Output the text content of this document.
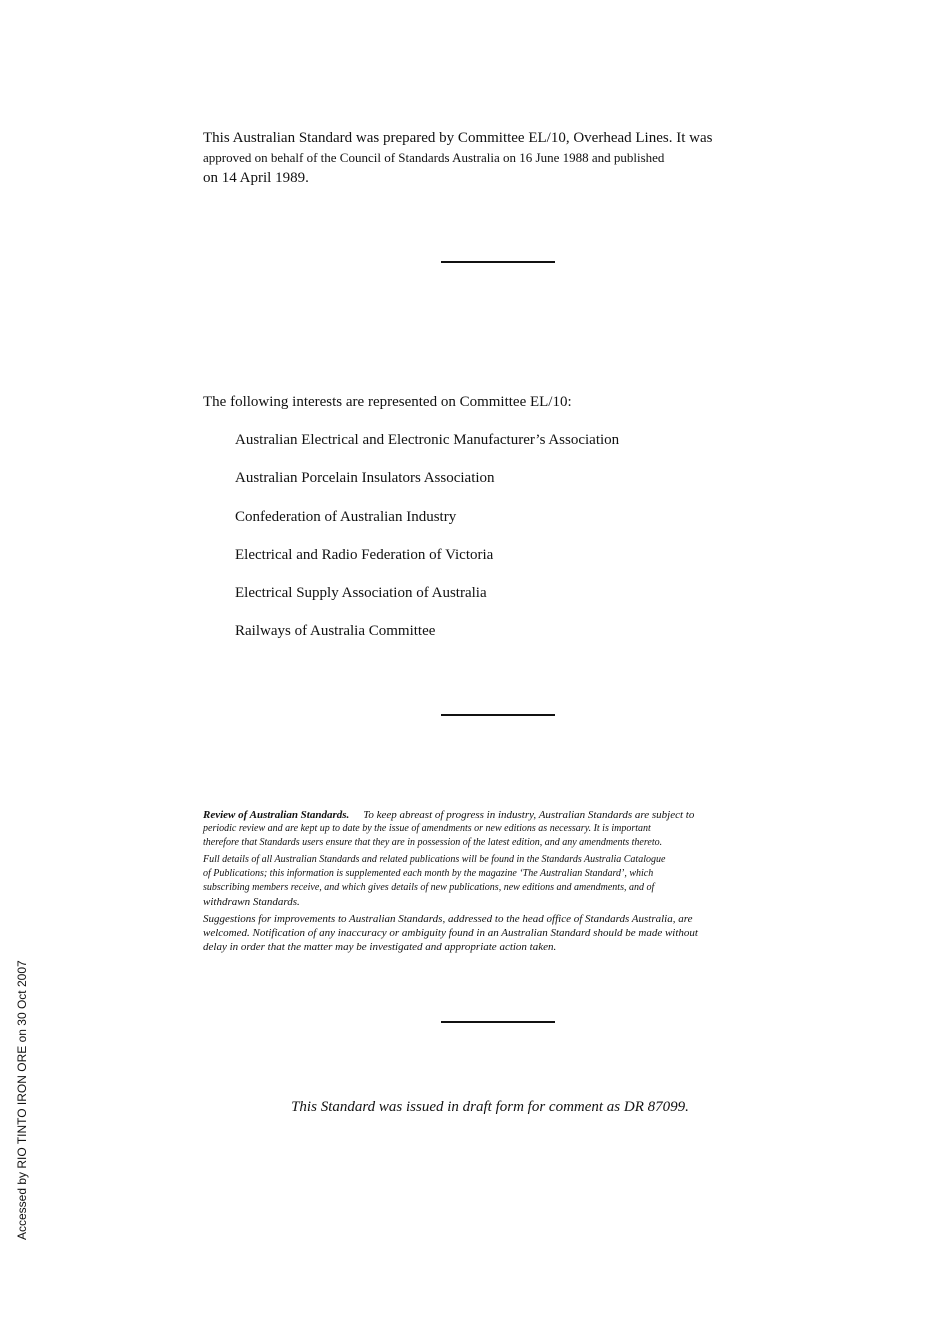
This Australian Standard was prepared by Committee EL/10, Overhead Lines. It was

approved on behalf of the Council of Standards Australia on 16 June 1988 and published

on 14 April 1989.

The following interests are represented on Committee EL/10:

Australian Electrical and Electronic Manufacturer’s Association

Australian Porcelain Insulators Association

Confederation of Australian Industry

Electrical and Radio Federation of Victoria

Electrical Supply Association of Australia

Railways of Australia Committee

Review of Australian Standards. To keep abreast of progress in industry, Australian Standards are subject to

periodic review and are kept up to date by the issue of amendments or new editions as necessary. It is important

therefore that Standards users ensure that they are in possession of the latest edition, and any amendments thereto.

Full details of all Australian Standards and related publications will be found in the Standards Australia Catalogue

of Publications; this information is supplemented each month by the magazine ‘The Australian Standard’, which

subscribing members receive, and which gives details of new publications, new editions and amendments, and of

withdrawn Standards.

Suggestions for improvements to Australian Standards, addressed to the head office of Standards Australia, are

welcomed. Notification of any inaccuracy or ambiguity found in an Australian Standard should be made without

delay in order that the matter may be investigated and appropriate action taken.

This Standard was issued in draft form for comment as DR 87099.

Accessed by RIO TINTO IRON ORE on 30 Oct 2007
